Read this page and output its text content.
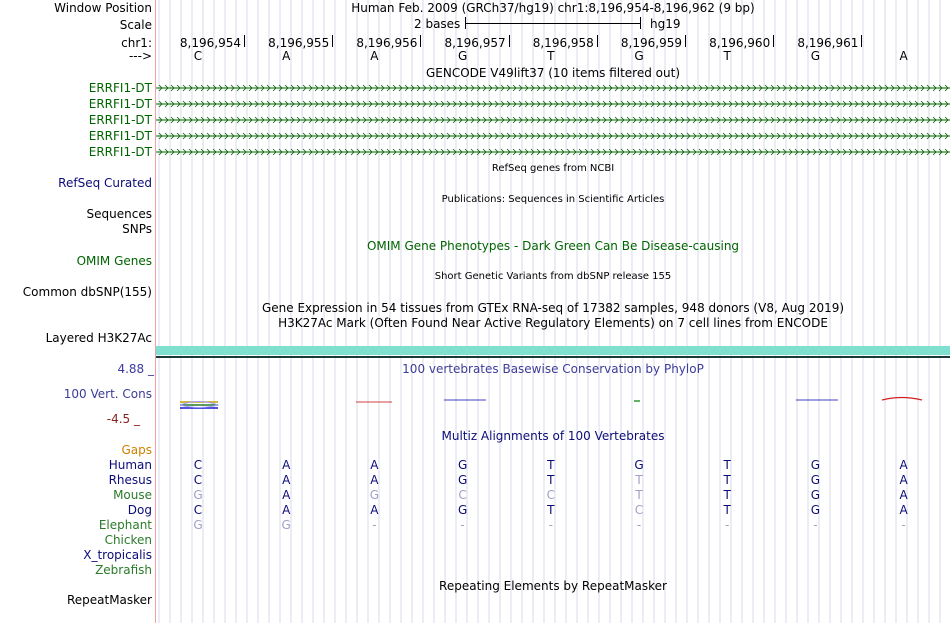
Window Position	Human Feb. 2009 (GRCh37/hg19) chr1:8,196,954-8,196,962 (9 bp)
Scale	2 bases	hg19
chr1: 8,196,954 8,196,955 8,196,956 8,196,957 8,196,958 8,196,959 8,196,960 8,196,961
--->	C	A	A	G	T	G	T	G	A
GENCODE V49lift37 (10 items filtered out)
ERRFI1-DT
ERRFI1-DT
ERRFI1-DT
ERRFI1-DT
ERRFI1-DT
RefSeq genes from NCBI
RefSeq Curated
Publications: Sequences in Scientific Articles
Sequences
SNPs
OMIM Gene Phenotypes - Dark Green Can Be Disease-causing
OMIM Genes
Short Genetic Variants from dbSNP release 155
Common dbSNP(155)
Gene Expression in 54 tissues from GTEx RNA-seq of 17382 samples, 948 donors (V8, Aug 2019)
H3K27Ac Mark (Often Found Near Active Regulatory Elements) on 7 cell lines from ENCODE
Layered H3K27Ac
4.88 _	100 vertebrates Basewise Conservation by PhyloP
100 Vert. Cons
-4.5 _
Multiz Alignments of 100 Vertebrates
Gaps
Human	C	A	A	G	T	G	T	G	A
Rhesus	C	A	A	G	T	T	T	G	A
Mouse	G	A	G	C	C	T	T	G	A
Dog	C	A	A	G	T	C	T	G	A
Elephant	G	G	-	-	-	-	-	-	-
Chicken
X_tropicalis
Zebrafish
Repeating Elements by RepeatMasker
RepeatMasker
